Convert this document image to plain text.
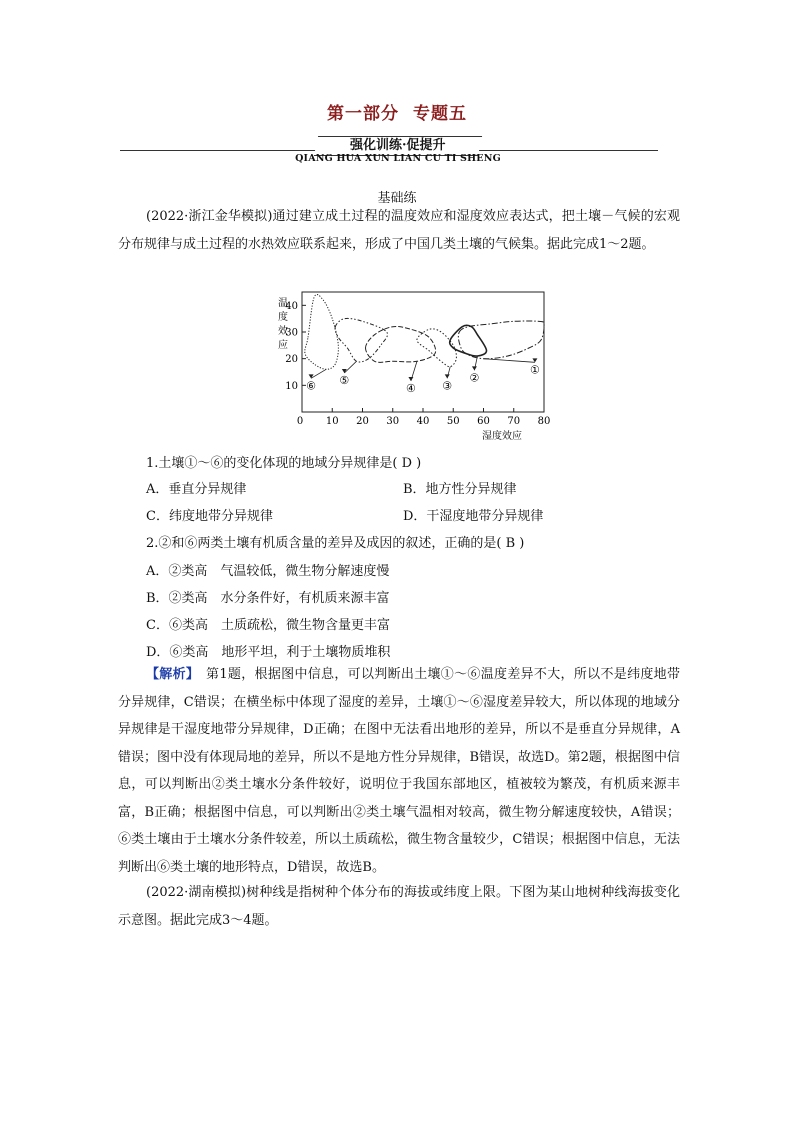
第一部分 专题五
强化训练·促提升
QIANG HUA XUN LIAN CU TI SHENG
基础练

(2022·浙江金华模拟)通过建立成土过程的温度效应和湿度效应表达式，把土壤－气候的宏观分布规律与成土过程的水热效应联系起来，形成了中国几类土壤的气候集。据此完成1～2题。

10
20
30
40
0 10 20 30 40 50 60 70 80
①
②
③
④
⑤
⑥
温
度
效
应
湿度效应
1.土壤①～⑥的变化体现的地域分异规律是( D )
A．垂直分异规律	B．地方性分异规律
C．纬度地带分异规律	D．干湿度地带分异规律
2.②和⑥两类土壤有机质含量的差异及成因的叙述，正确的是( B )
A．②类高　气温较低，微生物分解速度慢
B．②类高　水分条件好，有机质来源丰富
C．⑥类高　土质疏松，微生物含量更丰富
D．⑥类高　地形平坦，利于土壤物质堆积

【解析】　 第1题，根据图中信息，可以判断出土壤①～⑥温度差异不大，所以不是纬度地带分异规律，C错误；在横坐标中体现了湿度的差异，土壤①～⑥湿度差异较大，所以体现的地域分异规律是干湿度地带分异规律，D正确；在图中无法看出地形的差异，所以不是垂直分异规律，A错误；图中没有体现局地的差异，所以不是地方性分异规律，B错误，故选D。第2题，根据图中信息，可以判断出②类土壤水分条件较好，说明位于我国东部地区，植被较为繁茂，有机质来源丰富，B正确；根据图中信息，可以判断出②类土壤气温相对较高，微生物分解速度较快，A错误；⑥类土壤由于土壤水分条件较差，所以土质疏松，微生物含量较少，C错误；根据图中信息，无法判断出⑥类土壤的地形特点，D错误，故选B。

(2022·湖南模拟)树种线是指树种个体分布的海拔或纬度上限。下图为某山地树种线海拔变化示意图。据此完成3～4题。
